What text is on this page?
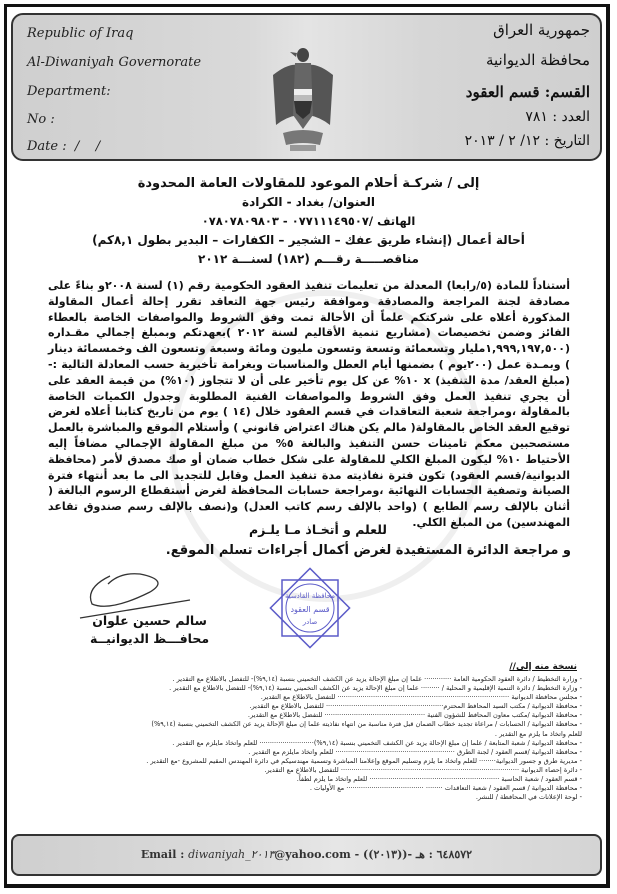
Republic of Iraq
Al-Diwaniyah Governorate
Department:
No :
Date :  /    /
جمهورية العراق
محافظة الديوانية
القسم: قسم العقود
العدد : ٧٨١
التاريخ : ١٢/ ٢ / ٢٠١٣
إلى / شركـة أحلام الموعود للمقاولات العامة المحدودة
العنوان/ بغداد - الكرادة
الهاتف /٠٧٧١١١٤٩٥٠٧ - ٠٧٨٠٧٨٠٩٨٠٣
أحالة أعمال (إنشاء طريق عفك – الشجير – الكفارات – البدير بطول ٨,١كم)
مناقصـــــة رقـــم (١٨٢) لسنـــة ٢٠١٢
أستناداً للمادة (٥/رابعا) المعدلة من تعليمات تنفيذ العقود الحكومية رقم (١) لسنة ٢٠٠٨و بناءً على مصادقة لجنة المراجعة والمصادقة وموافقة رئيس جهة التعاقد تقرر إحالة أعمال المقاولة المذكورة أعلاه على شركتكم علماً أن الأحالة تمت وفق الشروط والمواصفات الخاصة بالعطاء الفائز وضمن تخصيصات (مشاريع تنمية الأقاليم لسنة ٢٠١٢ )بعهدتكم وبمبلغ إجمالي مقـداره (١,٩٩٩,١٩٧,٥٠٠مليار وتسعمائة وتسعة وتسعون مليون ومائة وسبعة وتسعون الف وخمسمائة دينار ) وبمـدة عمل (٢٠٠يوم ) بضمنها أيام العطل والمناسبات وبغرامة تأخيرية حسب المعادلة التالية :- (مبلغ العقد/ مدة التنفيذ) x ١٠% عن كل يوم تأخير على أن لا تتجاوز (١٠%) من قيمة العقد على أن يجري تنفيذ العمل وفق الشروط والمواصفات الفنية المطلوبة وجدول الكميات الخاصة بالمقاولة ،ومراجعة شعبة التعاقدات في قسم العقود خلال (١٤ ) يوم من تاريخ كتابنا أعلاه لغرض توقيع العقد الخاص بالمقاولة( مالم يكن هناك اعتراض قانوني ) وأستلام الموقع والمباشرة بالعمل مستصحبين معكم تامينات حسن التنفيذ والبالغة ٥% من مبلغ المقاولة الإجمالي مضافاً إليه الأحتياط ١٠% ليكون المبلغ الكلي للمقاولة على شكل خطاب ضمان أو صك مصدق لأمر (محافظة الديوانية/قسم العقود) تكون فترة نفاذيته مدة تنفيذ العمل وقابل للتجديد الى ما بعد أنتهاء فترة الصيانة وتصفية الحسابات النهائية ،ومراجعة حسابات المحافظة لغرض أستقطاع الرسوم البالغة ( أثنان بالإلف رسم الطابع ) (واحد بالإلف رسم كاتب العدل) و(نصف بالإلف رسم صندوق تقاعد المهندسين) من المبلغ الكلي.
للعلم و أتخـاذ مـا يلـزم
و مراجعة الدائرة المستفيدة لغرض أكمال أجراءات تسلم الموقع.
سالم حسين علوان
محافـــظ الديوانيــة
محافظة القادسية
قسم العقود
صادر
نسخة منه إلى//
- وزارة التخطيط / دائرة العقود الحكومية العامة ············· علما إن مبلغ الإحالة يزيد عن الكشف التخميني بنسبة (٩,١٤%)- للتفضل بالاطلاع مع التقدير .
- وزارة التخطيط / دائرة التنمية الإقليمية و المحلية / ········· علما إن مبلغ الإحالة يزيد عن الكشف التخميني بنسبة (٩,١٤%)- للتفضل بالاطلاع مع التقدير .
- مجلس محافظة الديوانية ·················································································· للتفضل بالاطلاع مع التقدير.
- محافظة الديوانية / مكتب السيد المحافظ المحترم························································ للتفضل بالاطلاع مع التقدير.
- محافظة الديوانية /مكتب معاون المحافظ للشؤون الفنية ················································ للتفضل بالاطلاع مع التقدير.
- محافظة الديوانية / الحسابات / مراعاة تجديد خطاب الضمان قبل فترة مناسبة من انتهاء نفاذيته علما إن مبلغ الإحالة يزيد عن الكشف التخميني بنسبة (٩,١٤%)
للعلم واتخاذ ما يلزم مع التقدير .
- محافظة الديوانية / شعبة المتابعة / علما إن مبلغ الإحالة يزيد عن الكشف التخميني بنسبة (٩,١٤%)·························· للعلم واتخاذ مايلزم مع التقدير .
- محافظة الديوانية /قسم العقود / لجنة الطرق ························································· للعلم واتخاذ مايلزم مع التقدير .
- مديرية طرق و جسور الديوانية········ للعلم واتخاذ ما يلزم وتسليم الموقع وإعلامنا المباشرة وتسمية مهندسيكم في دائرة المهندس المقيم للمشروع -مع التقدير .
- دائرة إحصاء الديوانية ····················································································· للتفضل بالاطلاع مع التقدير.
- قسم العقود / شعبة الحاسبة ······························································ للعلم واتخاذ ما يلزم لطفاً.
- محافظة الديوانية / قسم العقود / شعبة التعاقدات ········ ····································· مع الأوليات .
- لوحة الإعلانات في المحافظة / للنشر.
Email : diwaniyah_٢٠١٣@yahoo.com - ((٢٠١٣))- ٦٤٨٥٧٢ : هـ
